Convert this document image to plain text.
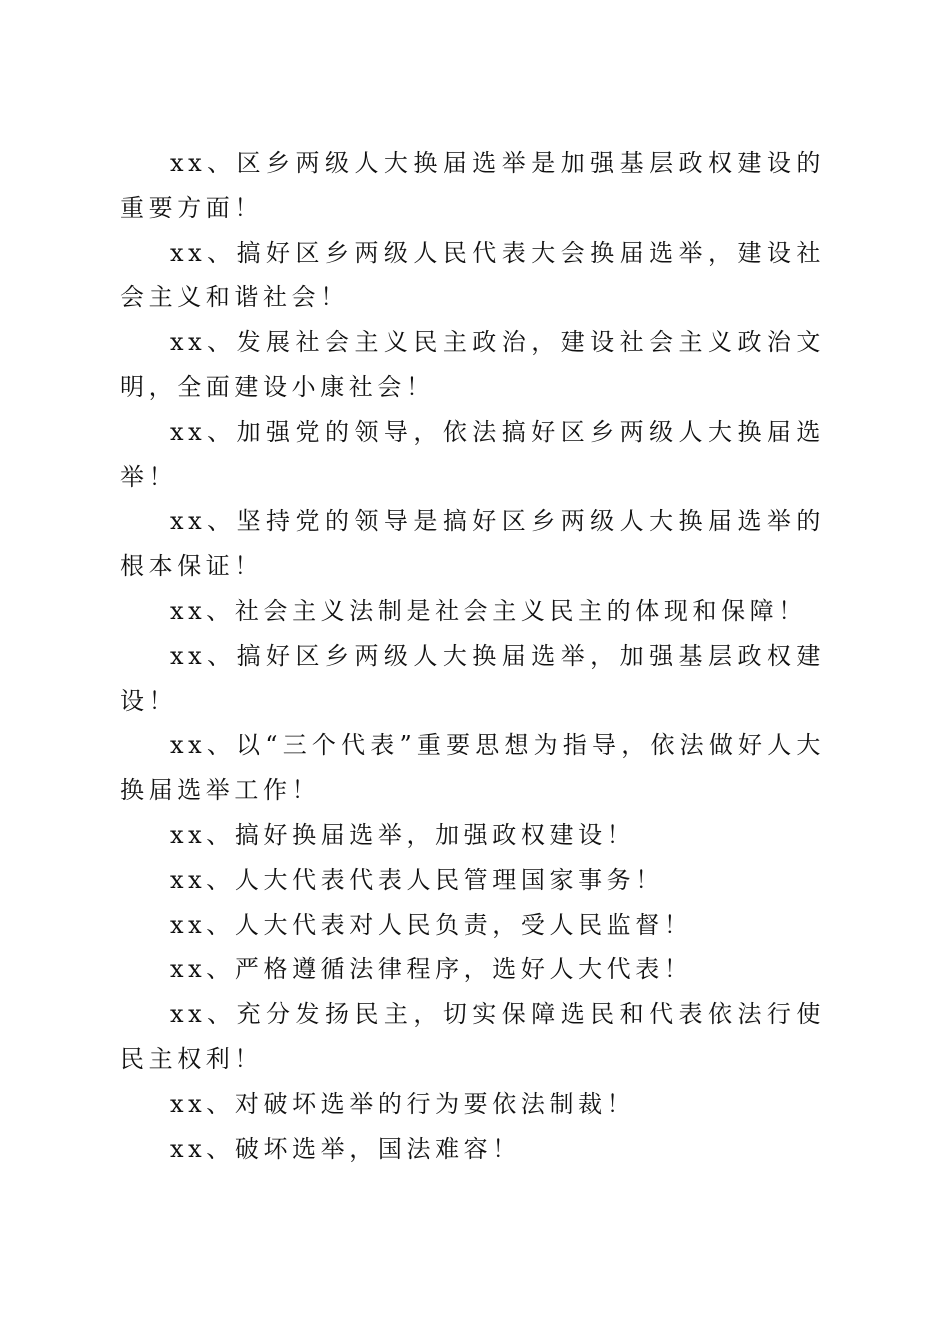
xx、区乡两级人大换届选举是加强基层政权建设的重要方面！

xx、搞好区乡两级人民代表大会换届选举，建设社会主义和谐社会！

xx、发展社会主义民主政治，建设社会主义政治文明，全面建设小康社会！

xx、加强党的领导，依法搞好区乡两级人大换届选举！

xx、坚持党的领导是搞好区乡两级人大换届选举的根本保证！

xx、社会主义法制是社会主义民主的体现和保障！

xx、搞好区乡两级人大换届选举，加强基层政权建设！

xx、以“三个代表”重要思想为指导，依法做好人大换届选举工作！

xx、搞好换届选举，加强政权建设！

xx、人大代表代表人民管理国家事务！

xx、人大代表对人民负责，受人民监督！

xx、严格遵循法律程序，选好人大代表！

xx、充分发扬民主，切实保障选民和代表依法行使民主权利！

xx、对破坏选举的行为要依法制裁！

xx、破坏选举，国法难容！
